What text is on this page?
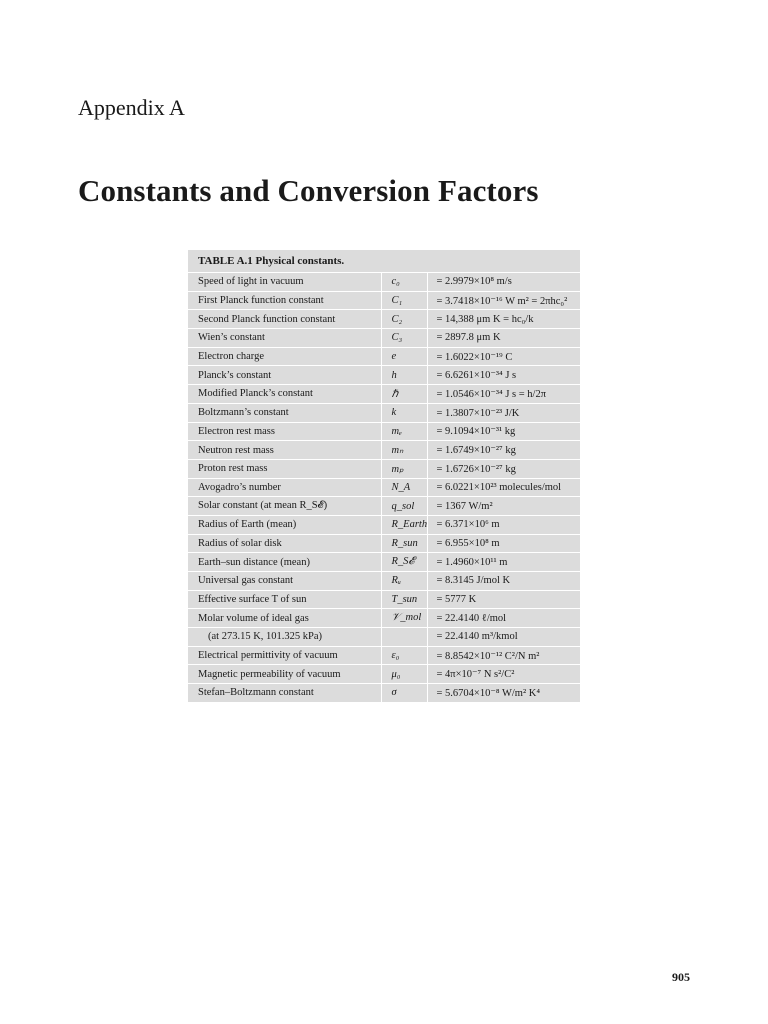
Appendix A
Constants and Conversion Factors
TABLE A.1 Physical constants.
Speed of light in vacuum	c₀	= 2.9979×10⁸ m/s
First Planck function constant	C₁	= 3.7418×10⁻¹⁶ W m² = 2πhc₀²
Second Planck function constant	C₂	= 14,388 μm K = hc₀/k
Wien’s constant	C₃	= 2897.8 μm K
Electron charge	e	= 1.6022×10⁻¹⁹ C
Planck’s constant	h	= 6.6261×10⁻³⁴ J s
Modified Planck’s constant	ℏ	= 1.0546×10⁻³⁴ J s = h/2π
Boltzmann’s constant	k	= 1.3807×10⁻²³ J/K
Electron rest mass	mₑ	= 9.1094×10⁻³¹ kg
Neutron rest mass	mₙ	= 1.6749×10⁻²⁷ kg
Proton rest mass	mₚ	= 1.6726×10⁻²⁷ kg
Avogadro’s number	N_A	= 6.0221×10²³ molecules/mol
Solar constant (at mean R_S𝓔)	q_sol	= 1367 W/m²
Radius of Earth (mean)	R_Earth	= 6.371×10⁶ m
Radius of solar disk	R_sun	= 6.955×10⁸ m
Earth–sun distance (mean)	R_S𝓔	= 1.4960×10¹¹ m
Universal gas constant	Rᵤ	= 8.3145 J/mol K
Effective surface T of sun	T_sun	= 5777 K
Molar volume of ideal gas	𝒱_mol	= 22.4140 ℓ/mol
(at 273.15 K, 101.325 kPa)		= 22.4140 m³/kmol
Electrical permittivity of vacuum	ε₀	= 8.8542×10⁻¹² C²/N m²
Magnetic permeability of vacuum	μ₀	= 4π×10⁻⁷ N s²/C²
Stefan–Boltzmann constant	σ	= 5.6704×10⁻⁸ W/m² K⁴
905
